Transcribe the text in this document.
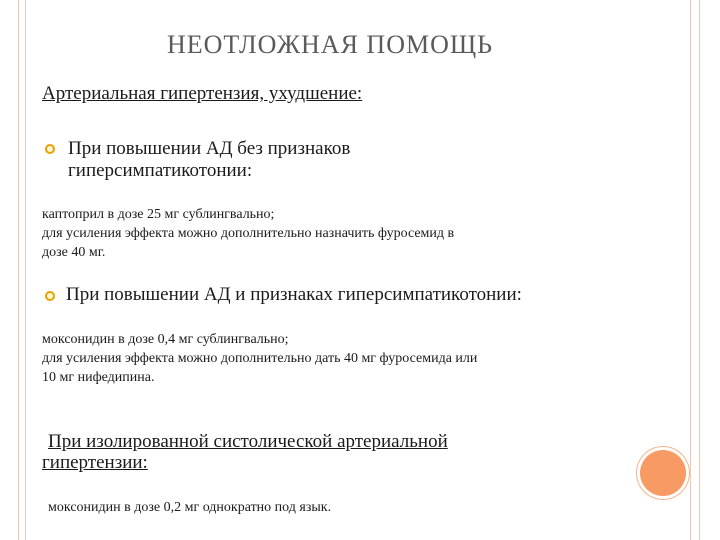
НЕОТЛОЖНАЯ ПОМОЩЬ
Артериальная гипертензия, ухудшение:
При повышении АД без признаков
гиперсимпатикотонии:
каптоприл в дозе 25 мг сублингвально;
для усиления эффекта можно дополнительно назначить фуросемид в
дозе 40 мг.
При повышении АД и признаках гиперсимпатикотонии:
моксонидин в дозе 0,4 мг сублингвально;
для усиления эффекта можно дополнительно дать 40 мг фуросемида или
10 мг нифедипина.
При изолированной систолической артериальной
гипертензии:
моксонидин в дозе 0,2 мг однократно под язык.
